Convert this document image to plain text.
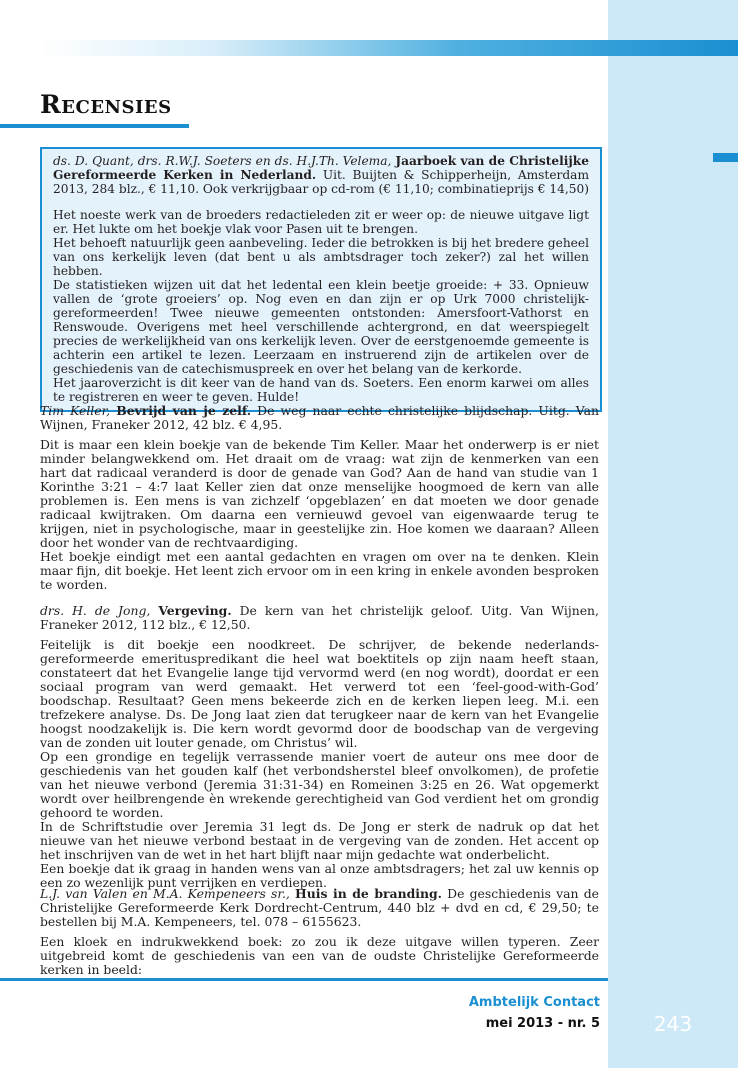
Recensies

ds. D. Quant, drs. R.W.J. Soeters en ds. H.J.Th. Velema, Jaarboek van de Christelijke Gereformeerde Kerken in Nederland. Uit. Buijten & Schipperheijn, Amsterdam 2013, 284 blz., € 11,10. Ook verkrijgbaar op cd-rom (€ 11,10; combinatieprijs € 14,50)

Het noeste werk van de broeders redactieleden zit er weer op: de nieuwe uitgave ligt er. Het lukte om het boekje vlak voor Pasen uit te brengen.

Het behoeft natuurlijk geen aanbeveling. Ieder die betrokken is bij het bredere geheel van ons kerkelijk leven (dat bent u als ambtsdrager toch zeker?) zal het willen hebben.

De statistieken wijzen uit dat het ledental een klein beetje groeide: + 33. Opnieuw vallen de ‘grote groeiers’ op. Nog even en dan zijn er op Urk 7000 christelijk-gereformeerden! Twee nieuwe gemeenten ontstonden: Amersfoort-Vathorst en Renswoude. Overigens met heel verschillende achtergrond, en dat weerspiegelt precies de werkelijkheid van ons kerkelijk leven. Over de eerstgenoemde gemeente is achterin een artikel te lezen. Leerzaam en instruerend zijn de artikelen over de geschiedenis van de catechismuspreek en over het belang van de kerkorde.

Het jaaroverzicht is dit keer van de hand van ds. Soeters. Een enorm karwei om alles te registreren en weer te geven. Hulde!

Tim Keller, Bevrijd van je zelf. De weg naar echte christelijke blijdschap. Uitg. Van Wijnen, Franeker 2012, 42 blz. € 4,95.

Dit is maar een klein boekje van de bekende Tim Keller. Maar het onderwerp is er niet minder belangwekkend om. Het draait om de vraag: wat zijn de kenmerken van een hart dat radicaal veranderd is door de genade van God? Aan de hand van studie van 1 Korinthe 3:21 – 4:7 laat Keller zien dat onze menselijke hoogmoed de kern van alle problemen is. Een mens is van zichzelf ‘opgeblazen’ en dat moeten we door genade radicaal kwijtraken. Om daarna een vernieuwd gevoel van eigenwaarde terug te krijgen, niet in psychologische, maar in geestelijke zin. Hoe komen we daaraan? Alleen door het wonder van de rechtvaardiging.

Het boekje eindigt met een aantal gedachten en vragen om over na te denken. Klein maar fijn, dit boekje. Het leent zich ervoor om in een kring in enkele avonden besproken te worden.

drs. H. de Jong, Vergeving. De kern van het christelijk geloof. Uitg. Van Wijnen, Franeker 2012, 112 blz., € 12,50.

Feitelijk is dit boekje een noodkreet. De schrijver, de bekende nederlands-gereformeerde emerituspredikant die heel wat boektitels op zijn naam heeft staan, constateert dat het Evangelie lange tijd vervormd werd (en nog wordt), doordat er een sociaal program van werd gemaakt. Het verwerd tot een ‘feel-good-with-God’ boodschap. Resultaat? Geen mens bekeerde zich en de kerken liepen leeg. M.i. een trefzekere analyse. Ds. De Jong laat zien dat terugkeer naar de kern van het Evangelie hoogst noodzakelijk is. Die kern wordt gevormd door de boodschap van de vergeving van de zonden uit louter genade, om Christus’ wil.

Op een grondige en tegelijk verrassende manier voert de auteur ons mee door de geschiedenis van het gouden kalf (het verbondsherstel bleef onvolkomen), de profetie van het nieuwe verbond (Jeremia 31:31-34) en Romeinen 3:25 en 26. Wat opgemerkt wordt over heilbrengende èn wrekende gerechtigheid van God verdient het om grondig gehoord te worden.

In de Schriftstudie over Jeremia 31 legt ds. De Jong er sterk de nadruk op dat het nieuwe van het nieuwe verbond bestaat in de vergeving van de zonden. Het accent op het inschrijven van de wet in het hart blijft naar mijn gedachte wat onderbelicht.

Een boekje dat ik graag in handen wens van al onze ambtsdragers; het zal uw kennis op een zo wezenlijk punt verrijken en verdiepen.

L.J. van Valen en M.A. Kempeneers sr., Huis in de branding. De geschiedenis van de Christelijke Gereformeerde Kerk Dordrecht-Centrum, 440 blz + dvd en cd, € 29,50; te bestellen bij M.A. Kempeneers, tel. 078 – 6155623.

Een kloek en indrukwekkend boek: zo zou ik deze uitgave willen typeren. Zeer uitgebreid komt de geschiedenis van een van de oudste Christelijke Gereformeerde kerken in beeld:

Ambtelijk Contact

mei 2013 - nr. 5	243
